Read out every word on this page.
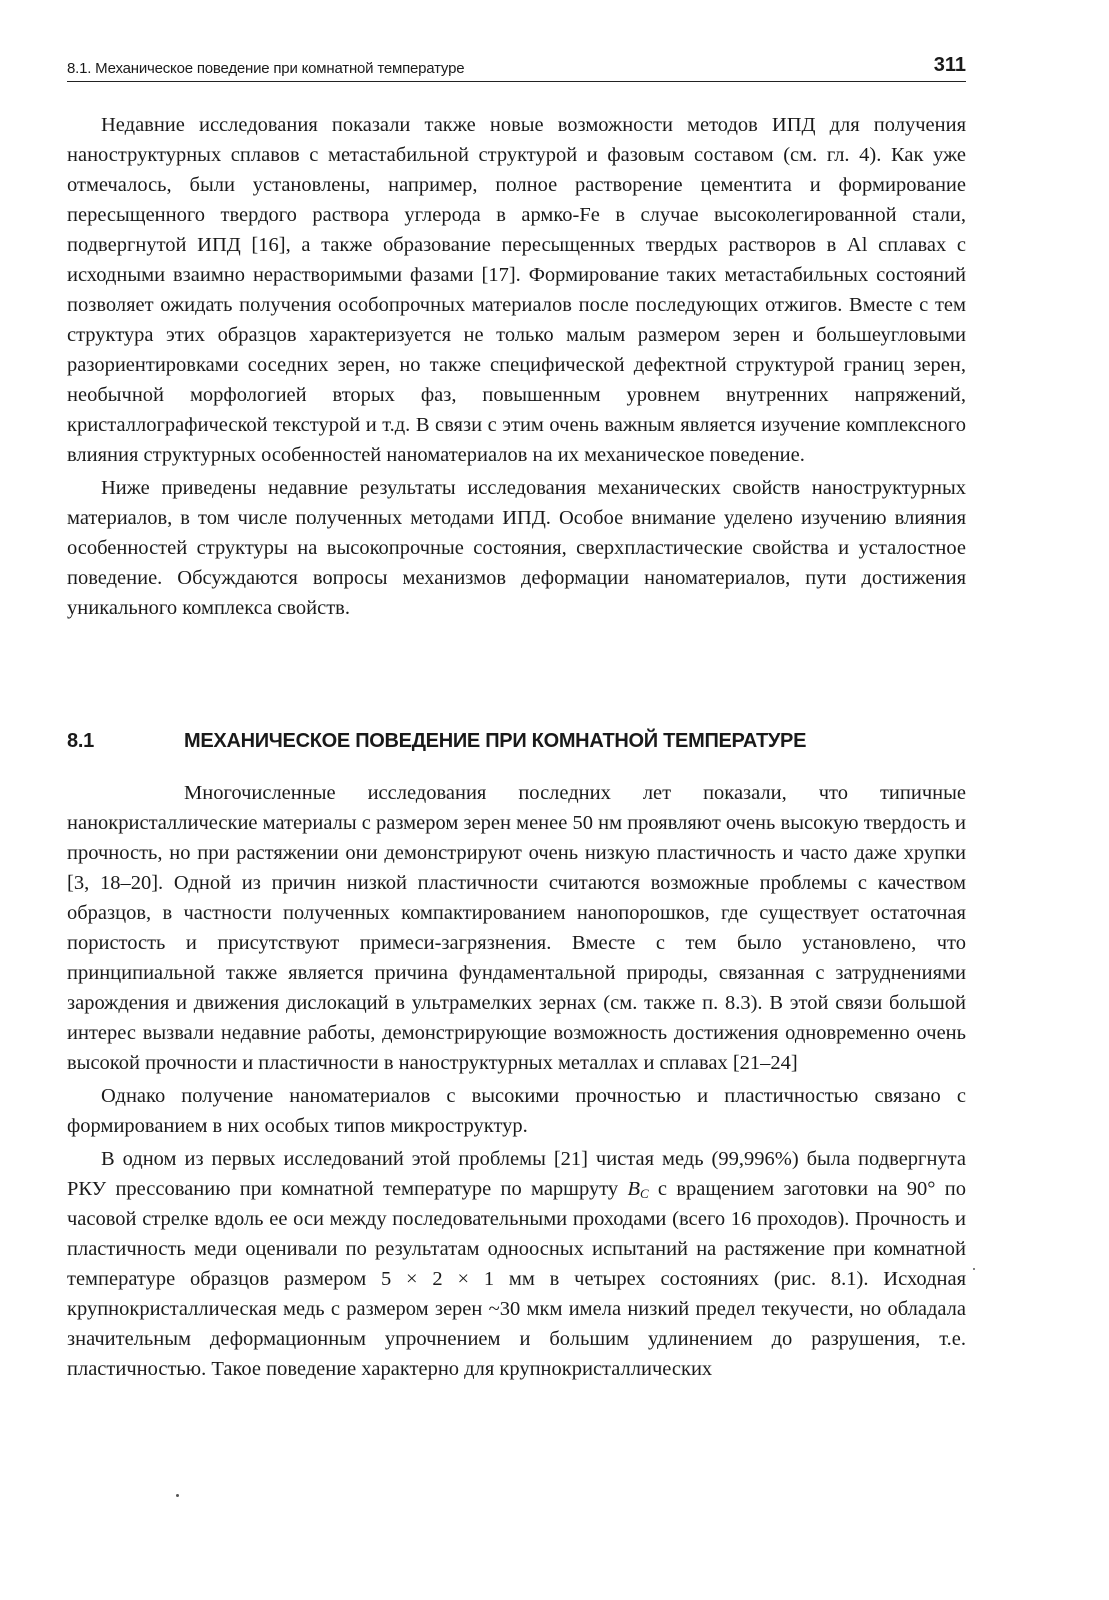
8.1. Механическое поведение при комнатной температуре	311

Недавние исследования показали также новые возможности методов ИПД для получения наноструктурных сплавов с метастабильной структурой и фазовым составом (см. гл. 4). Как уже отмечалось, были установлены, например, полное растворение цементита и формирование пересыщенного твердого раствора углерода в армко-Fe в случае высоколегированной стали, подвергнутой ИПД [16], а также образование пересыщенных твердых растворов в Al сплавах с исходными взаимно нерастворимыми фазами [17]. Формирование таких метастабильных состояний позволяет ожидать получения особопрочных материалов после последующих отжигов. Вместе с тем структура этих образцов характеризуется не только малым размером зерен и большеугловыми разориентировками соседних зерен, но также специфической дефектной структурой границ зерен, необычной морфологией вторых фаз, повышенным уровнем внутренних напряжений, кристаллографической текстурой и т.д. В связи с этим очень важным является изучение комплексного влияния структурных особенностей наноматериалов на их механическое поведение.

Ниже приведены недавние результаты исследования механических свойств наноструктурных материалов, в том числе полученных методами ИПД. Особое внимание уделено изучению влияния особенностей структуры на высокопрочные состояния, сверхпластические свойства и усталостное поведение. Обсуждаются вопросы механизмов деформации наноматериалов, пути достижения уникального комплекса свойств.

8.1	МЕХАНИЧЕСКОЕ ПОВЕДЕНИЕ ПРИ КОМНАТНОЙ ТЕМПЕРАТУРЕ

Многочисленные исследования последних лет показали, что типичные нанокристаллические материалы с размером зерен менее 50 нм проявляют очень высокую твердость и прочность, но при растяжении они демонстрируют очень низкую пластичность и часто даже хрупки [3, 18–20]. Одной из причин низкой пластичности считаются возможные проблемы с качеством образцов, в частности полученных компактированием нанопорошков, где существует остаточная пористость и присутствуют примеси-загрязнения. Вместе с тем было установлено, что принципиальной также является причина фундаментальной природы, связанная с затруднениями зарождения и движения дислокаций в ультрамелких зернах (см. также п. 8.3). В этой связи большой интерес вызвали недавние работы, демонстрирующие возможность достижения одновременно очень высокой прочности и пластичности в наноструктурных металлах и сплавах [21–24]

Однако получение наноматериалов с высокими прочностью и пластичностью связано с формированием в них особых типов микроструктур.

В одном из первых исследований этой проблемы [21] чистая медь (99,996%) была подвергнута РКУ прессованию при комнатной температуре по маршруту $B_C$ с вращением заготовки на 90° по часовой стрелке вдоль ее оси между последовательными проходами (всего 16 проходов). Прочность и пластичность меди оценивали по результатам одноосных испытаний на растяжение при комнатной температуре образцов размером 5 × 2 × 1 мм в четырех состояниях (рис. 8.1). Исходная крупнокристаллическая медь с размером зерен ~30 мкм имела низкий предел текучести, но обладала значительным деформационным упрочнением и большим удлинением до разрушения, т.е. пластичностью. Такое поведение характерно для крупнокристаллических
